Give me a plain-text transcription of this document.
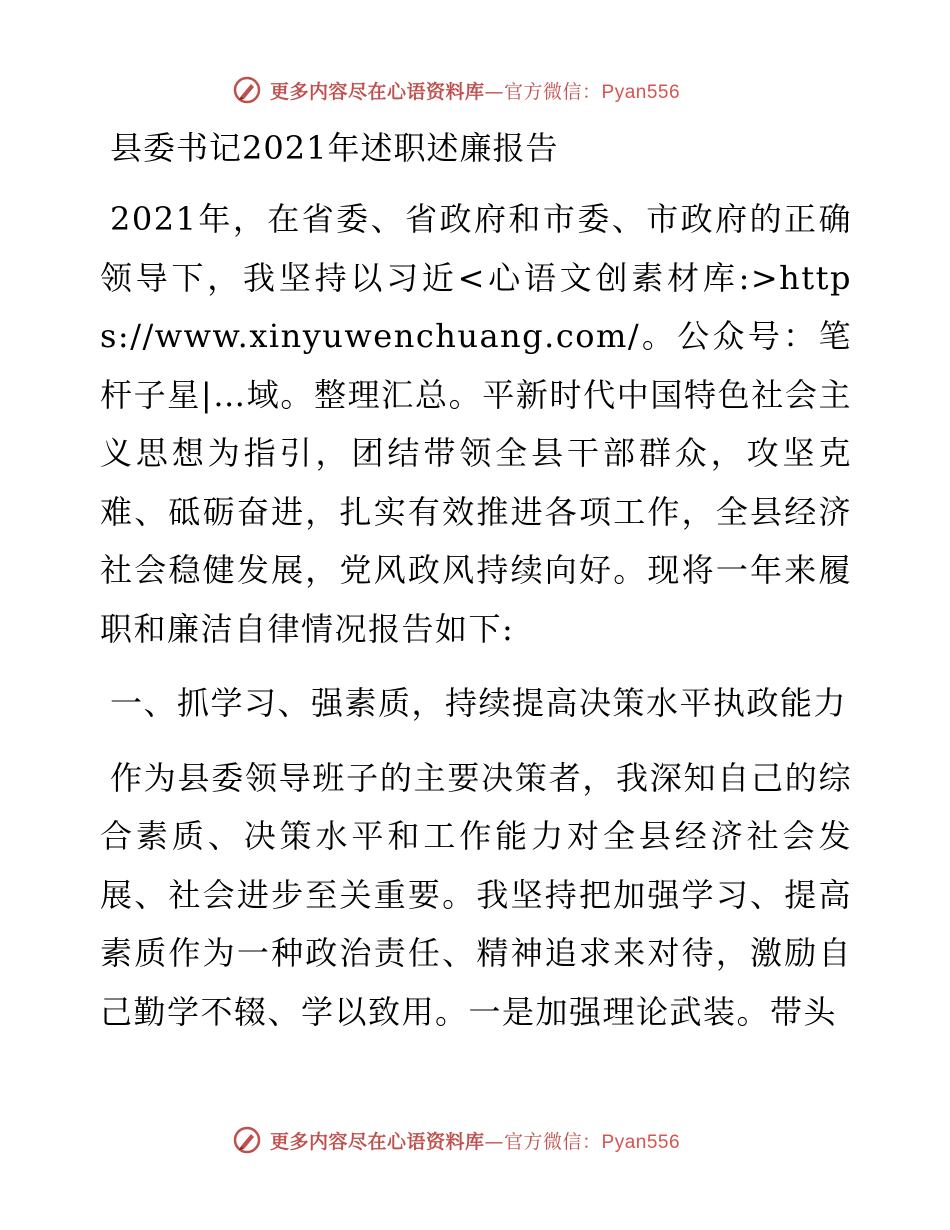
更多内容尽在心语资料库—官方微信：Pyan556
县委书记2021年述职述廉报告

2021年，在省委、省政府和市委、市政府的正确领导下，我坚持以习近<心语文创素材库:>https://www.xinyuwenchuang.com/。公众号：笔杆子星|…域。整理汇总。平新时代中国特色社会主义思想为指引，团结带领全县干部群众，攻坚克难、砥砺奋进，扎实有效推进各项工作，全县经济社会稳健发展，党风政风持续向好。现将一年来履职和廉洁自律情况报告如下:

一、抓学习、强素质，持续提高决策水平执政能力

作为县委领导班子的主要决策者，我深知自己的综合素质、决策水平和工作能力对全县经济社会发展、社会进步至关重要。我坚持把加强学习、提高素质作为一种政治责任、精神追求来对待，激励自己勤学不辍、学以致用。一是加强理论武装。带头

更多内容尽在心语资料库—官方微信：Pyan556
